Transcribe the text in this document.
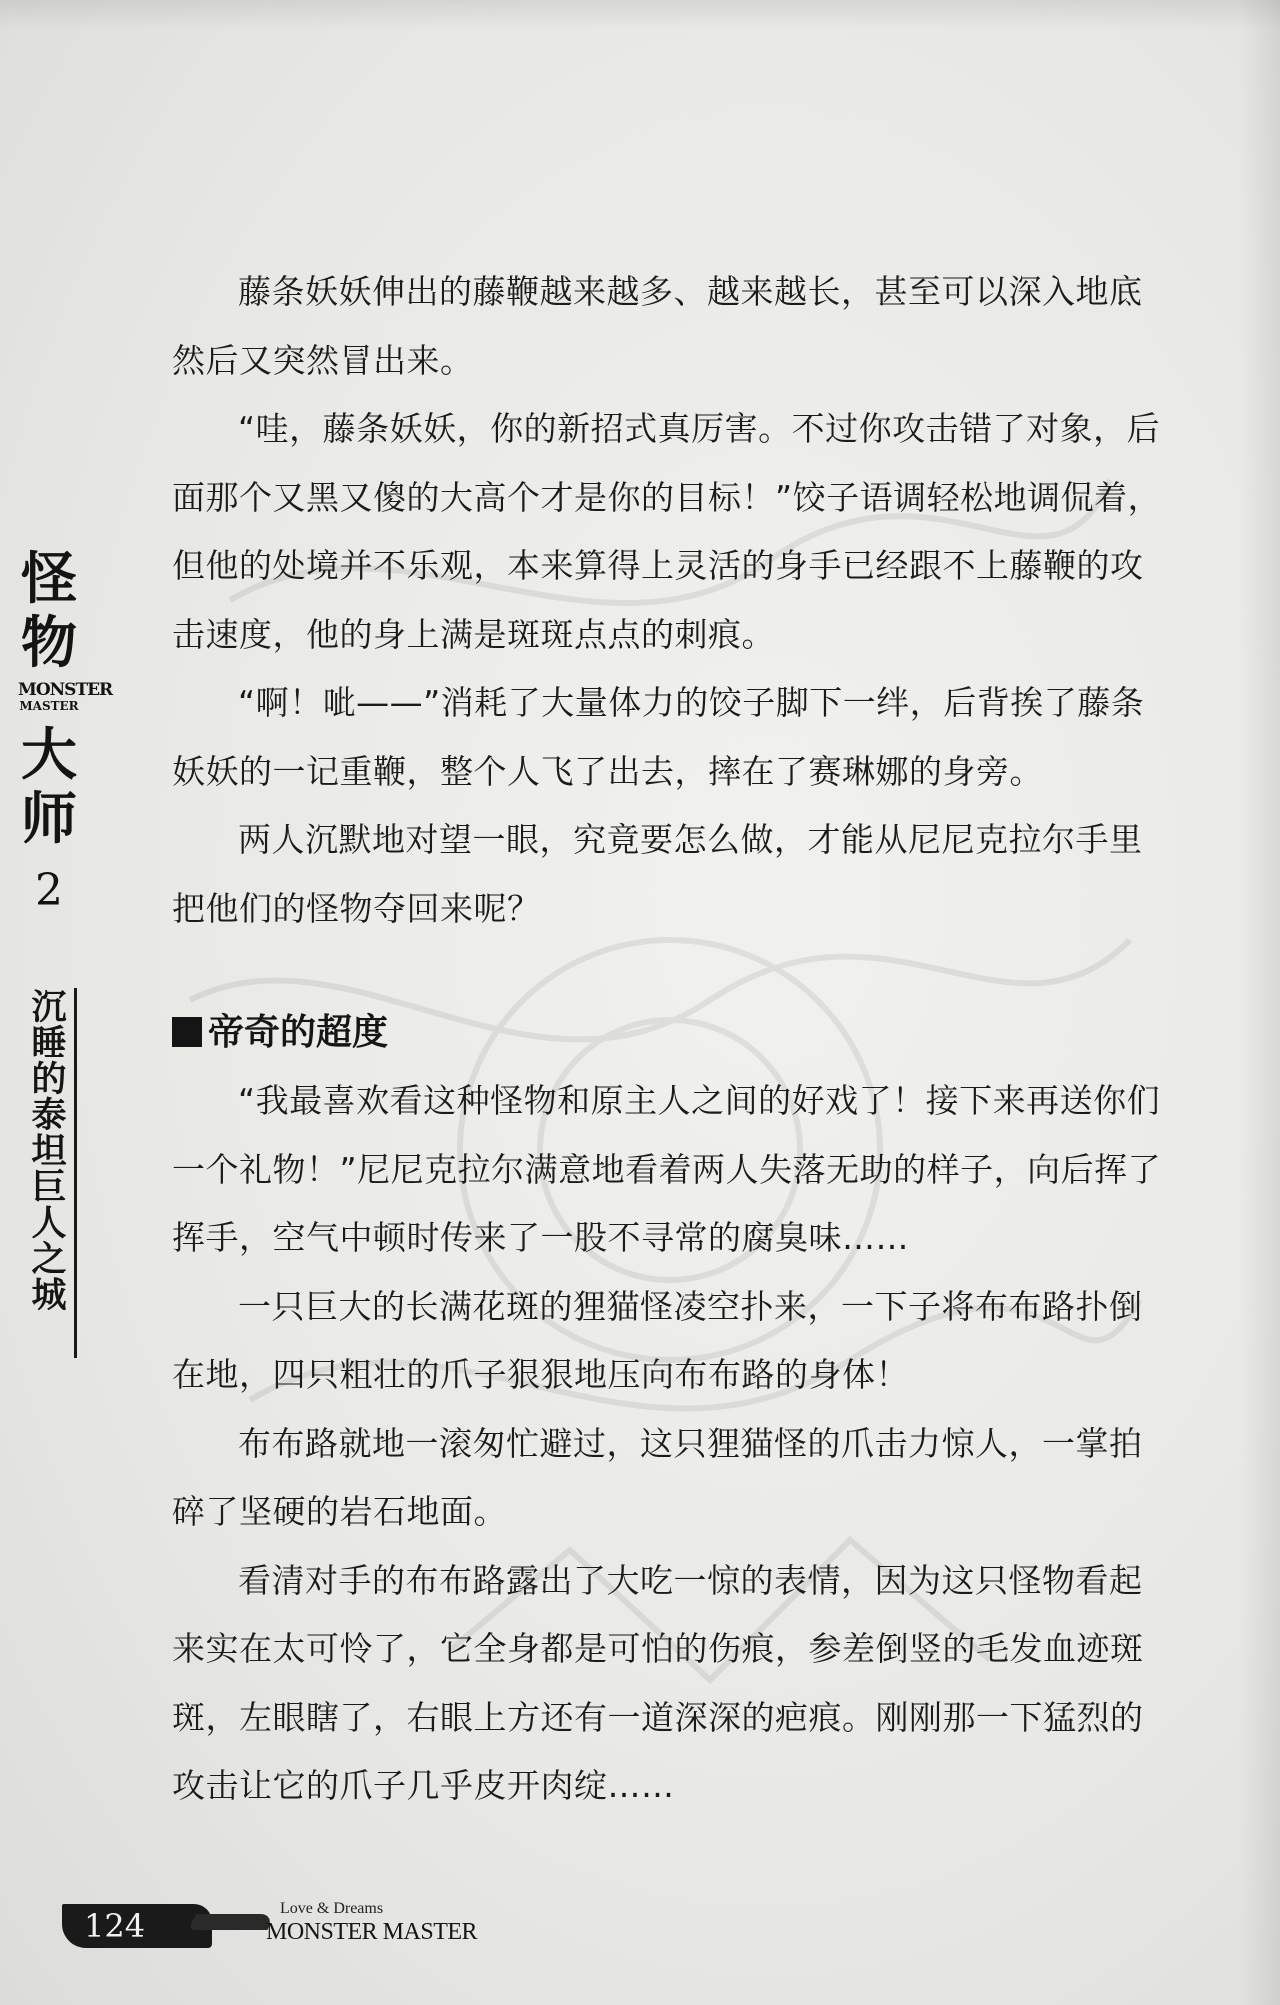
怪物
MONSTER
MASTER
大师
2
沉睡的泰坦巨人之城

藤条妖妖伸出的藤鞭越来越多、越来越长，甚至可以深入地底然后又突然冒出来。

“哇，藤条妖妖，你的新招式真厉害。不过你攻击错了对象，后面那个又黑又傻的大高个才是你的目标！”饺子语调轻松地调侃着，但他的处境并不乐观，本来算得上灵活的身手已经跟不上藤鞭的攻击速度，他的身上满是斑斑点点的刺痕。

“啊！呲——”消耗了大量体力的饺子脚下一绊，后背挨了藤条妖妖的一记重鞭，整个人飞了出去，摔在了赛琳娜的身旁。

两人沉默地对望一眼，究竟要怎么做，才能从尼尼克拉尔手里把他们的怪物夺回来呢？

帝奇的超度

“我最喜欢看这种怪物和原主人之间的好戏了！接下来再送你们一个礼物！”尼尼克拉尔满意地看着两人失落无助的样子，向后挥了挥手，空气中顿时传来了一股不寻常的腐臭味……

一只巨大的长满花斑的狸猫怪凌空扑来，一下子将布布路扑倒在地，四只粗壮的爪子狠狠地压向布布路的身体！

布布路就地一滚匆忙避过，这只狸猫怪的爪击力惊人，一掌拍碎了坚硬的岩石地面。

看清对手的布布路露出了大吃一惊的表情，因为这只怪物看起来实在太可怜了，它全身都是可怕的伤痕，参差倒竖的毛发血迹斑斑，左眼瞎了，右眼上方还有一道深深的疤痕。刚刚那一下猛烈的攻击让它的爪子几乎皮开肉绽……

124	Love & Dreams
MONSTER MASTER
